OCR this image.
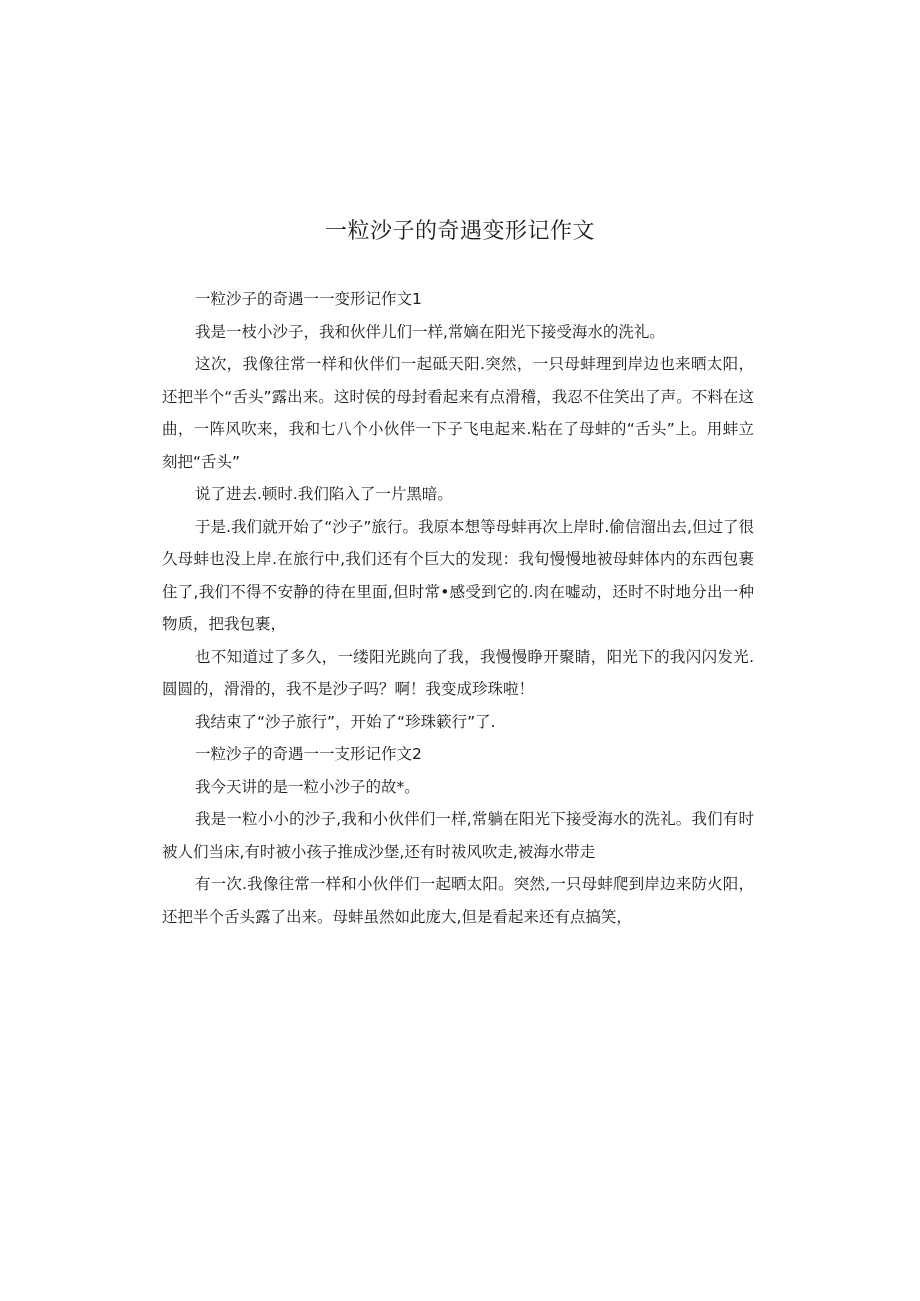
一粒沙子的奇遇变形记作文

一粒沙子的奇遇一一变形记作文1

我是一枝小沙子，我和伙伴儿们一样,常嫡在阳光下接受海水的洗礼。

这次，我像往常一样和伙伴们一起砥天阳.突然，一只母蚌理到岸边也来晒太阳，还把半个“舌头”露出来。这时侯的母封看起来有点滑稽，我忍不住笑出了声。不料在这曲，一阵风吹来，我和七八个小伙伴一下子飞电起来.粘在了母蚌的“舌头”上。用蚌立刻把“舌头”

说了进去.顿时.我们陷入了一片黑暗。

于是.我们就开始了“沙子”旅行。我原本想等母蚌再次上岸时.偷信溜出去,但过了很久母蚌也没上岸.在旅行中,我们还有个巨大的发现：我旬慢慢地被母蚌体内的东西包裹住了,我们不得不安静的待在里面,但时常•感受到它的.肉在嘘动，还时不时地分出一种物质，把我包裹，

也不知道过了多久，一缕阳光跳向了我，我慢慢睁开聚睛，阳光下的我闪闪发光.圆圆的，滑滑的，我不是沙子吗？啊！我变成珍珠啦！

我结束了“沙子旅行”，开始了“珍珠簌行”了.

一粒沙子的奇遇一一支形记作文2

我今天讲的是一粒小沙子的故*。

我是一粒小小的沙子,我和小伙伴们一样,常躺在阳光下接受海水的洗礼。我们有时被人们当床,有时被小孩子推成沙堡,还有时祓风吹走,被海水带走

有一次.我像往常一样和小伙伴们一起晒太阳。突然,一只母蚌爬到岸边来防火阳，还把半个舌头露了出来。母蚌虽然如此庞大,但是看起来还有点搞笑，
